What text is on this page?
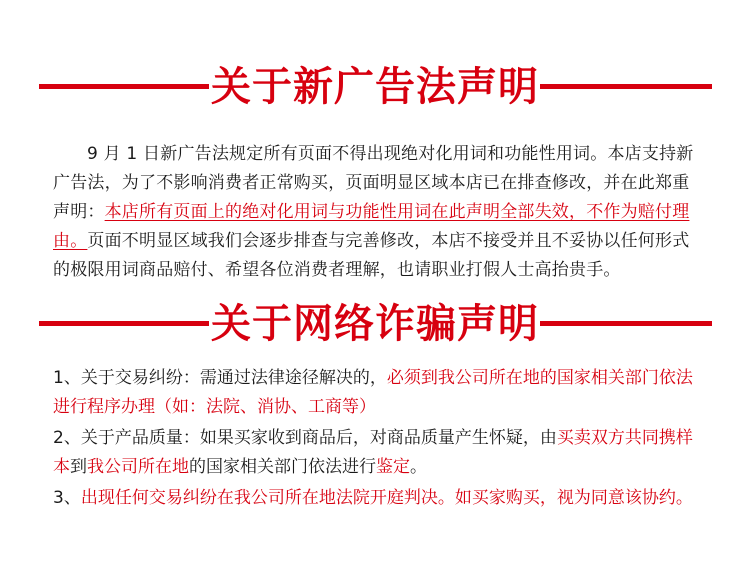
关于新广告法声明

9 月 1 日新广告法规定所有页面不得出现绝对化用词和功能性用词。本店支持新广告法，为了不影响消费者正常购买，页面明显区域本店已在排查修改，并在此郑重声明：本店所有页面上的绝对化用词与功能性用词在此声明全部失效，不作为赔付理由。页面不明显区域我们会逐步排查与完善修改，本店不接受并且不妥协以任何形式的极限用词商品赔付、希望各位消费者理解，也请职业打假人士高抬贵手。

关于网络诈骗声明
1、关于交易纠纷：需通过法律途径解决的，必须到我公司所在地的国家相关部门依法进行程序办理（如：法院、消协、工商等）
2、关于产品质量：如果买家收到商品后，对商品质量产生怀疑，由买卖双方共同携样本到我公司所在地的国家相关部门依法进行鉴定。
3、出现任何交易纠纷在我公司所在地法院开庭判决。如买家购买，视为同意该协约。
